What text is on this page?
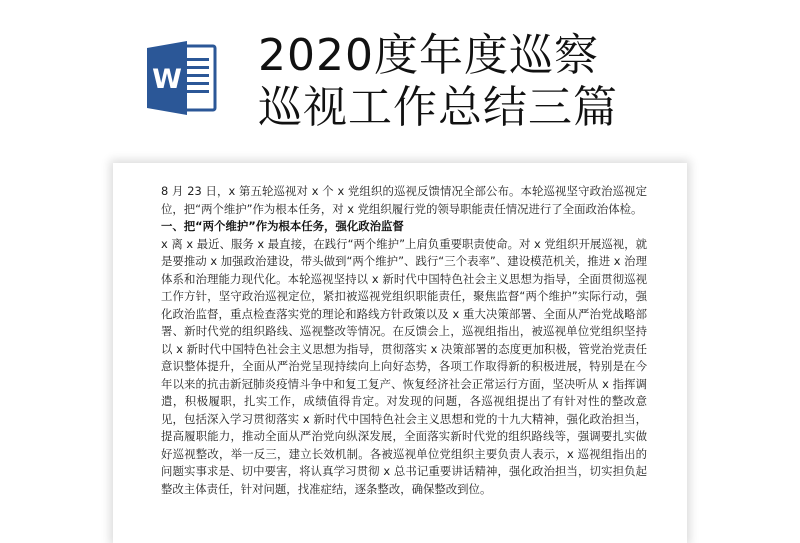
W 2020度年度巡察
巡视工作总结三篇

8 月 23 日，x 第五轮巡视对 x 个 x 党组织的巡视反馈情况全部公布。本轮巡视坚守政治巡视定位，把“两个维护”作为根本任务，对 x 党组织履行党的领导职能责任情况进行了全面政治体检。

一、把“两个维护”作为根本任务，强化政治监督

x 离 x 最近、服务 x 最直接，在践行“两个维护”上肩负重要职责使命。对 x 党组织开展巡视，就是要推动 x 加强政治建设，带头做到“两个维护”、践行“三个表率”、建设模范机关，推进 x 治理体系和治理能力现代化。本轮巡视坚持以 x 新时代中国特色社会主义思想为指导，全面贯彻巡视工作方针，坚守政治巡视定位，紧扣被巡视党组织职能责任，聚焦监督“两个维护”实际行动，强化政治监督，重点检查落实党的理论和路线方针政策以及 x 重大决策部署、全面从严治党战略部署、新时代党的组织路线、巡视整改等情况。在反馈会上，巡视组指出，被巡视单位党组织坚持以 x 新时代中国特色社会主义思想为指导，贯彻落实 x 决策部署的态度更加积极，管党治党责任意识整体提升，全面从严治党呈现持续向上向好态势，各项工作取得新的积极进展，特别是在今年以来的抗击新冠肺炎疫情斗争中和复工复产、恢复经济社会正常运行方面，坚决听从 x 指挥调遣，积极履职，扎实工作，成绩值得肯定。对发现的问题，各巡视组提出了有针对性的整改意见，包括深入学习贯彻落实 x 新时代中国特色社会主义思想和党的十九大精神，强化政治担当，提高履职能力，推动全面从严治党向纵深发展，全面落实新时代党的组织路线等，强调要扎实做好巡视整改，举一反三，建立长效机制。各被巡视单位党组织主要负责人表示，x 巡视组指出的问题实事求是、切中要害，将认真学习贯彻 x 总书记重要讲话精神，强化政治担当，切实担负起整改主体责任，针对问题，找准症结，逐条整改，确保整改到位。
